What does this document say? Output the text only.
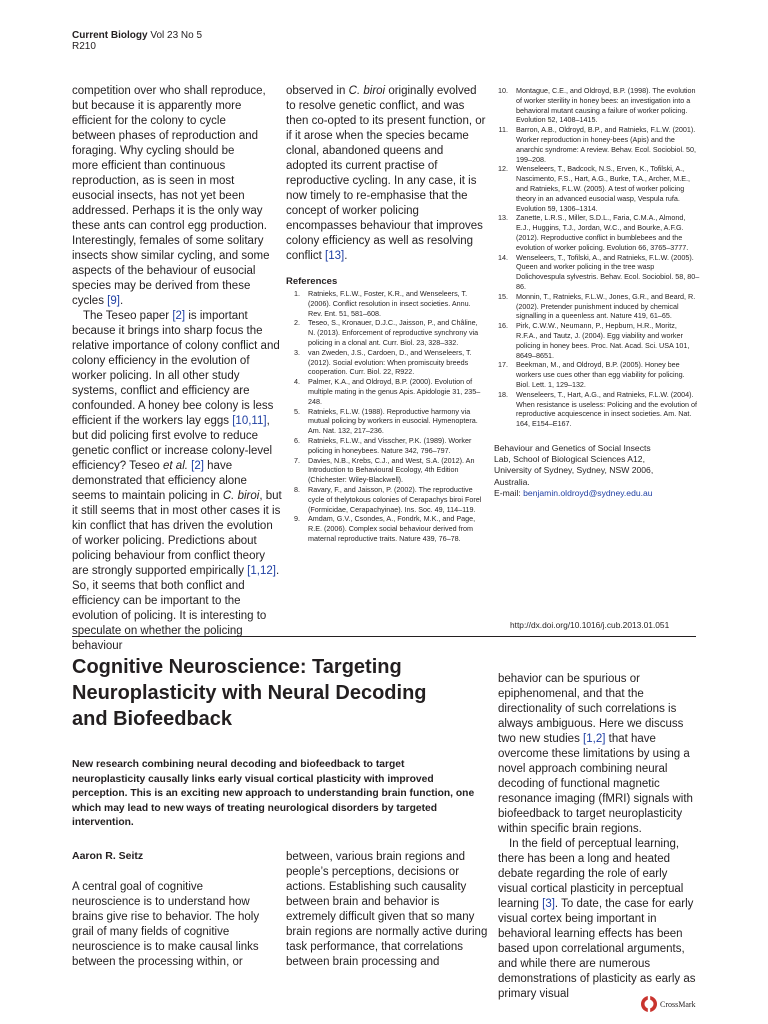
Current Biology Vol 23 No 5
R210

competition over who shall reproduce,
but because it is apparently more
efficient for the colony to cycle
between phases of reproduction and
foraging. Why cycling should be
more efficient than continuous
reproduction, as is seen in most
eusocial insects, has not yet been
addressed. Perhaps it is the only way
these ants can control egg production.
Interestingly, females of some solitary
insects show similar cycling, and some
aspects of the behaviour of eusocial
species may be derived from these
cycles [9].

The Teseo paper [2] is important because it brings into sharp focus the relative importance of colony conflict and colony efficiency in the evolution of worker policing. In all other study systems, conflict and efficiency are confounded. A honey bee colony is less efficient if the workers lay eggs [10,11], but did policing first evolve to reduce genetic conflict or increase colony-level efficiency? Teseo et al. [2] have demonstrated that efficiency alone seems to maintain policing in C. biroi, but it still seems that in most other cases it is kin conflict that has driven the evolution of worker policing. Predictions about policing behaviour from conflict theory are strongly supported empirically [1,12]. So, it seems that both conflict and efficiency can be important to the evolution of policing. It is interesting to speculate on whether the policing behaviour

observed in C. biroi originally evolved to resolve genetic conflict, and was then co-opted to its present function, or if it arose when the species became clonal, abandoned queens and adopted its current practise of reproductive cycling. In any case, it is now timely to re-emphasise that the concept of worker policing encompasses behaviour that improves colony efficiency as well as resolving conflict [13].

References
1.	Ratnieks, F.L.W., Foster, K.R., and Wenseleers, T. (2006). Conflict resolution in insect societies. Annu. Rev. Ent. 51, 581–608.
2.	Teseo, S., Kronauer, D.J.C., Jaisson, P., and Châline, N. (2013). Enforcement of reproductive synchrony via policing in a clonal ant. Curr. Biol. 23, 328–332.
3.	van Zweden, J.S., Cardoen, D., and Wenseleers, T. (2012). Social evolution: When promiscuity breeds cooperation. Curr. Biol. 22, R922.
4.	Palmer, K.A., and Oldroyd, B.P. (2000). Evolution of multiple mating in the genus Apis. Apidologie 31, 235–248.
5.	Ratnieks, F.L.W. (1988). Reproductive harmony via mutual policing by workers in eusocial. Hymenoptera. Am. Nat. 132, 217–236.
6.	Ratnieks, F.L.W., and Visscher, P.K. (1989). Worker policing in honeybees. Nature 342, 796–797.
7.	Davies, N.B., Krebs, C.J., and West, S.A. (2012). An Introduction to Behavioural Ecology, 4th Edition (Chichester: Wiley-Blackwell).
8.	Ravary, F., and Jaisson, P. (2002). The reproductive cycle of thelytokous colonies of Cerapachys biroi Forel (Formicidae, Cerapachyinae). Ins. Soc. 49, 114–119.
9.	Amdam, G.V., Csondes, A., Fondrk, M.K., and Page, R.E. (2006). Complex social behaviour derived from maternal reproductive traits. Nature 439, 76–78.
10.	Montague, C.E., and Oldroyd, B.P. (1998). The evolution of worker sterility in honey bees: an investigation into a behavioral mutant causing a failure of worker policing. Evolution 52, 1408–1415.
11.	Barron, A.B., Oldroyd, B.P., and Ratnieks, F.L.W. (2001). Worker reproduction in honey-bees (Apis) and the anarchic syndrome: A review. Behav. Ecol. Sociobiol. 50, 199–208.
12.	Wenseleers, T., Badcock, N.S., Erven, K., Tofilski, A., Nascimento, F.S., Hart, A.G., Burke, T.A., Archer, M.E., and Ratnieks, F.L.W. (2005). A test of worker policing theory in an advanced eusocial wasp, Vespula rufa. Evolution 59, 1306–1314.
13.	Zanette, L.R.S., Miller, S.D.L., Faria, C.M.A., Almond, E.J., Huggins, T.J., Jordan, W.C., and Bourke, A.F.G. (2012). Reproductive conflict in bumblebees and the evolution of worker policing. Evolution 66, 3765–3777.
14.	Wenseleers, T., Tofilski, A., and Ratnieks, F.L.W. (2005). Queen and worker policing in the tree wasp Dolichovespula sylvestris. Behav. Ecol. Sociobiol. 58, 80–86.
15.	Monnin, T., Ratnieks, F.L.W., Jones, G.R., and Beard, R. (2002). Pretender punishment induced by chemical signalling in a queenless ant. Nature 419, 61–65.
16.	Pirk, C.W.W., Neumann, P., Hepburn, H.R., Moritz, R.F.A., and Tautz, J. (2004). Egg viability and worker policing in honey bees. Proc. Nat. Acad. Sci. USA 101, 8649–8651.
17.	Beekman, M., and Oldroyd, B.P. (2005). Honey bee workers use cues other than egg viability for policing. Biol. Lett. 1, 129–132.
18.	Wenseleers, T., Hart, A.G., and Ratnieks, F.L.W. (2004). When resistance is useless: Policing and the evolution of reproductive acquiescence in insect societies. Am. Nat. 164, E154–E167.
Behaviour and Genetics of Social Insects
Lab, School of Biological Sciences A12,
University of Sydney, Sydney, NSW 2006,
Australia.
E-mail: benjamin.oldroyd@sydney.edu.au
http://dx.doi.org/10.1016/j.cub.2013.01.051
Cognitive Neuroscience: Targeting
Neuroplasticity with Neural Decoding
and Biofeedback
New research combining neural decoding and biofeedback to target neuroplasticity causally links early visual cortical plasticity with improved perception. This is an exciting new approach to understanding brain function, one which may lead to new ways of treating neurological disorders by targeted intervention.
Aaron R. Seitz
A central goal of cognitive
neuroscience is to understand how
brains give rise to behavior. The holy
grail of many fields of cognitive
neuroscience is to make causal links
between the processing within, or
between, various brain regions and
people’s perceptions, decisions or
actions. Establishing such causality
between brain and behavior is
extremely difficult given that so many
brain regions are normally active during
task performance, that correlations
between brain processing and

behavior can be spurious or epiphenomenal, and that the directionality of such correlations is always ambiguous. Here we discuss two new studies [1,2] that have overcome these limitations by using a novel approach combining neural decoding of functional magnetic resonance imaging (fMRI) signals with biofeedback to target neuroplasticity within specific brain regions.

In the field of perceptual learning, there has been a long and heated debate regarding the role of early visual cortical plasticity in perceptual learning [3]. To date, the case for early visual cortex being important in behavioral learning effects has been based upon correlational arguments, and while there are numerous demonstrations of plasticity as early as primary visual

CrossMark
